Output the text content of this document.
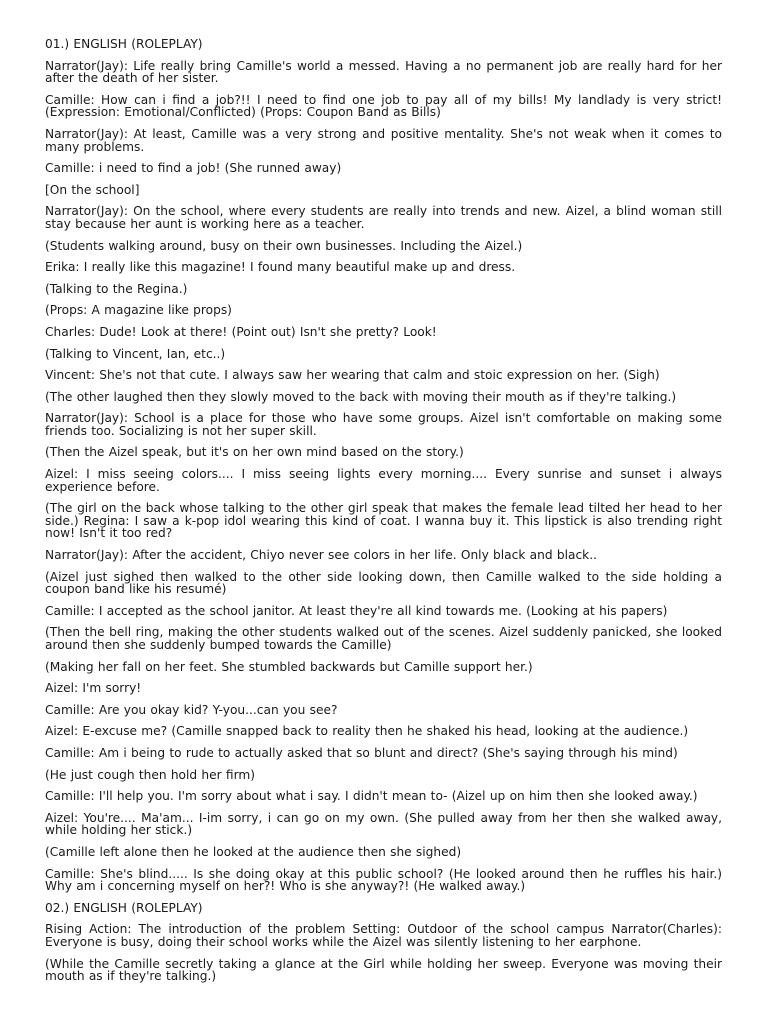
01.) ENGLISH (ROLEPLAY)

Narrator(Jay): Life really bring Camille's world a messed. Having a no permanent job are really hard for her after the death of her sister.

Camille: How can i find a job?!! I need to find one job to pay all of my bills! My landlady is very strict! (Expression: Emotional/Conflicted) (Props: Coupon Band as Bills)

Narrator(Jay): At least, Camille was a very strong and positive mentality. She's not weak when it comes to many problems.

Camille: i need to find a job! (She runned away)

[On the school]

Narrator(Jay): On the school, where every students are really into trends and new. Aizel, a blind woman still stay because her aunt is working here as a teacher.

(Students walking around, busy on their own businesses. Including the Aizel.)

Erika: I really like this magazine! I found many beautiful make up and dress.

(Talking to the Regina.)

(Props: A magazine like props)

Charles: Dude! Look at there! (Point out) Isn't she pretty? Look!

(Talking to Vincent, Ian, etc..)

Vincent: She's not that cute. I always saw her wearing that calm and stoic expression on her. (Sigh)

(The other laughed then they slowly moved to the back with moving their mouth as if they're talking.)

Narrator(Jay): School is a place for those who have some groups. Aizel isn't comfortable on making some friends too. Socializing is not her super skill.

(Then the Aizel speak, but it's on her own mind based on the story.)

Aizel: I miss seeing colors.... I miss seeing lights every morning.... Every sunrise and sunset i always experience before.

(The girl on the back whose talking to the other girl speak that makes the female lead tilted her head to her side.) Regina: I saw a k-pop idol wearing this kind of coat. I wanna buy it. This lipstick is also trending right now! Isn't it too red?

Narrator(Jay): After the accident, Chiyo never see colors in her life. Only black and black..

(Aizel just sighed then walked to the other side looking down, then Camille walked to the side holding a coupon band like his resumé)

Camille: I accepted as the school janitor. At least they're all kind towards me. (Looking at his papers)

(Then the bell ring, making the other students walked out of the scenes. Aizel suddenly panicked, she looked around then she suddenly bumped towards the Camille)

(Making her fall on her feet. She stumbled backwards but Camille support her.)

Aizel: I'm sorry!

Camille: Are you okay kid? Y-you...can you see?

Aizel: E-excuse me? (Camille snapped back to reality then he shaked his head, looking at the audience.)

Camille: Am i being to rude to actually asked that so blunt and direct? (She's saying through his mind)

(He just cough then hold her firm)

Camille: I'll help you. I'm sorry about what i say. I didn't mean to- (Aizel up on him then she looked away.)

Aizel: You're.... Ma'am... I-im sorry, i can go on my own. (She pulled away from her then she walked away, while holding her stick.)

(Camille left alone then he looked at the audience then she sighed)

Camille: She's blind..... Is she doing okay at this public school? (He looked around then he ruffles his hair.) Why am i concerning myself on her?! Who is she anyway?! (He walked away.)

02.) ENGLISH (ROLEPLAY)

Rising Action: The introduction of the problem Setting: Outdoor of the school campus Narrator(Charles): Everyone is busy, doing their school works while the Aizel was silently listening to her earphone.

(While the Camille secretly taking a glance at the Girl while holding her sweep. Everyone was moving their mouth as if they're talking.)
